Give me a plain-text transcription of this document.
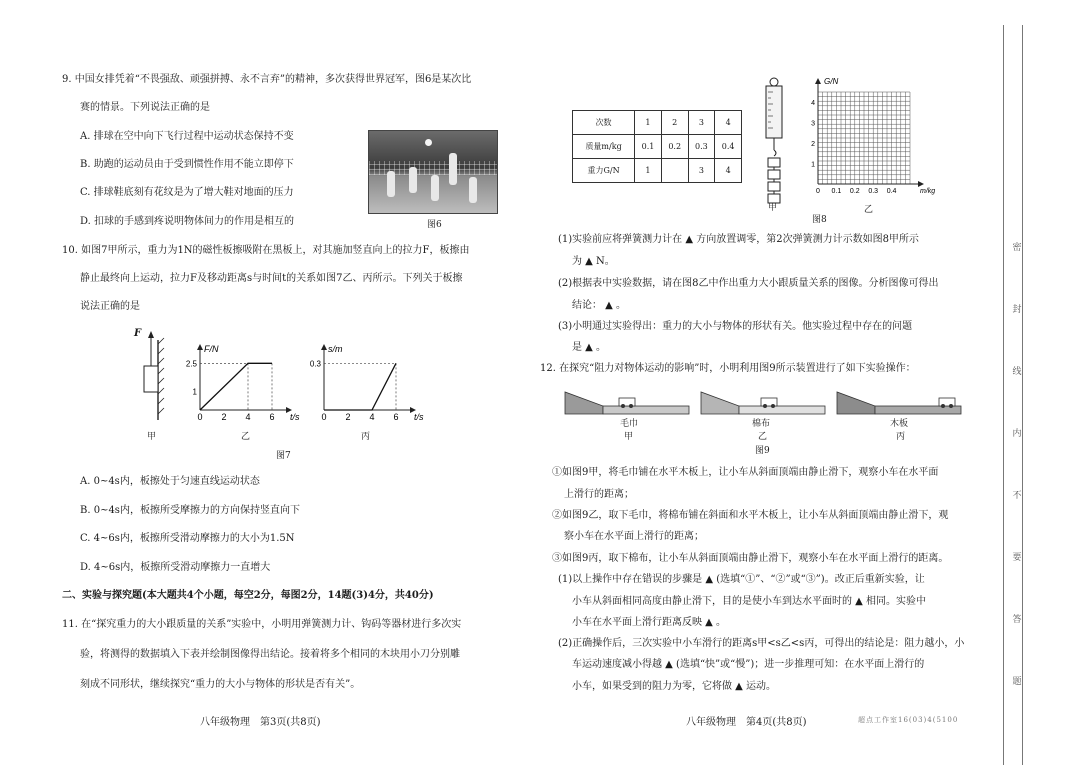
9. 中国女排凭着“不畏强敌、顽强拼搏、永不言弃”的精神，多次获得世界冠军，图6是某次比
赛的情景。下列说法正确的是
A. 排球在空中向下飞行过程中运动状态保持不变
B. 助跑的运动员由于受到惯性作用不能立即停下
C. 排球鞋底刻有花纹是为了增大鞋对地面的压力
D. 扣球的手感到疼说明物体间力的作用是相互的	图6
10. 如图7甲所示，重力为1N的磁性板擦吸附在黑板上，对其施加竖直向上的拉力F，板擦由
静止最终向上运动，拉力F及移动距离s与时间t的关系如图7乙、丙所示。下列关于板擦
说法正确的是
F
甲
0 2 4 6
1
2.5
t/s
F/N
乙
0 2 4 6
0.3
t/s
s/m
丙
图7
A. 0~4s内，板擦处于匀速直线运动状态
B. 0~4s内，板擦所受摩擦力的方向保持竖直向下
C. 4~6s内，板擦所受滑动摩擦力的大小为1.5N
D. 4~6s内，板擦所受滑动摩擦力一直增大
二、实验与探究题(本大题共4个小题，每空2分，每图2分，14题(3)4分，共40分)
11. 在“探究重力的大小跟质量的关系”实验中，小明用弹簧测力计、钩码等器材进行多次实
验，将测得的数据填入下表并绘制图像得出结论。接着将多个相同的木块用小刀分别雕
刻成不同形状，继续探究“重力的大小与物体的形状是否有关”。
八年级物理　第3页(共8页)
次数	1	2	3	4
质量m/kg	0.1	0.2	0.3	0.4
重力G/N	1		3	4
甲
0 0.1 0.2 0.3 0.4
1
2
3
4
m/kg
G/N
乙
图8
(1)实验前应将弹簧测力计在 ▲ 方向放置调零，第2次弹簧测力计示数如图8甲所示
为 ▲ N。
(2)根据表中实验数据，请在图8乙中作出重力大小跟质量关系的图像。分析图像可得出
结论： ▲ 。
(3)小明通过实验得出：重力的大小与物体的形状有关。他实验过程中存在的问题
是 ▲ 。
12. 在探究“阻力对物体运动的影响”时，小明利用图9所示装置进行了如下实验操作：
毛巾	棉布	木板
甲	乙	丙
图9
①如图9甲，将毛巾铺在水平木板上，让小车从斜面顶端由静止滑下，观察小车在水平面
上滑行的距离；
②如图9乙，取下毛巾，将棉布铺在斜面和水平木板上，让小车从斜面顶端由静止滑下，观
察小车在水平面上滑行的距离；
③如图9丙，取下棉布，让小车从斜面顶端由静止滑下，观察小车在水平面上滑行的距离。
(1)以上操作中存在错误的步骤是 ▲ (选填“①”、“②”或“③”)。改正后重新实验，让
小车从斜面相同高度由静止滑下，目的是使小车到达水平面时的 ▲ 相同。实验中
小车在水平面上滑行距离反映 ▲ 。
(2)正确操作后，三次实验中小车滑行的距离s甲<s乙<s丙，可得出的结论是：阻力越小，小
车运动速度减小得越 ▲ (选填“快”或“慢”)；进一步推理可知：在水平面上滑行的
小车，如果受到的阻力为零，它将做 ▲ 运动。
八年级物理　第4页(共8页)	超点工作室16(03)4(5100
密
封
线
内
不
要
答
题
